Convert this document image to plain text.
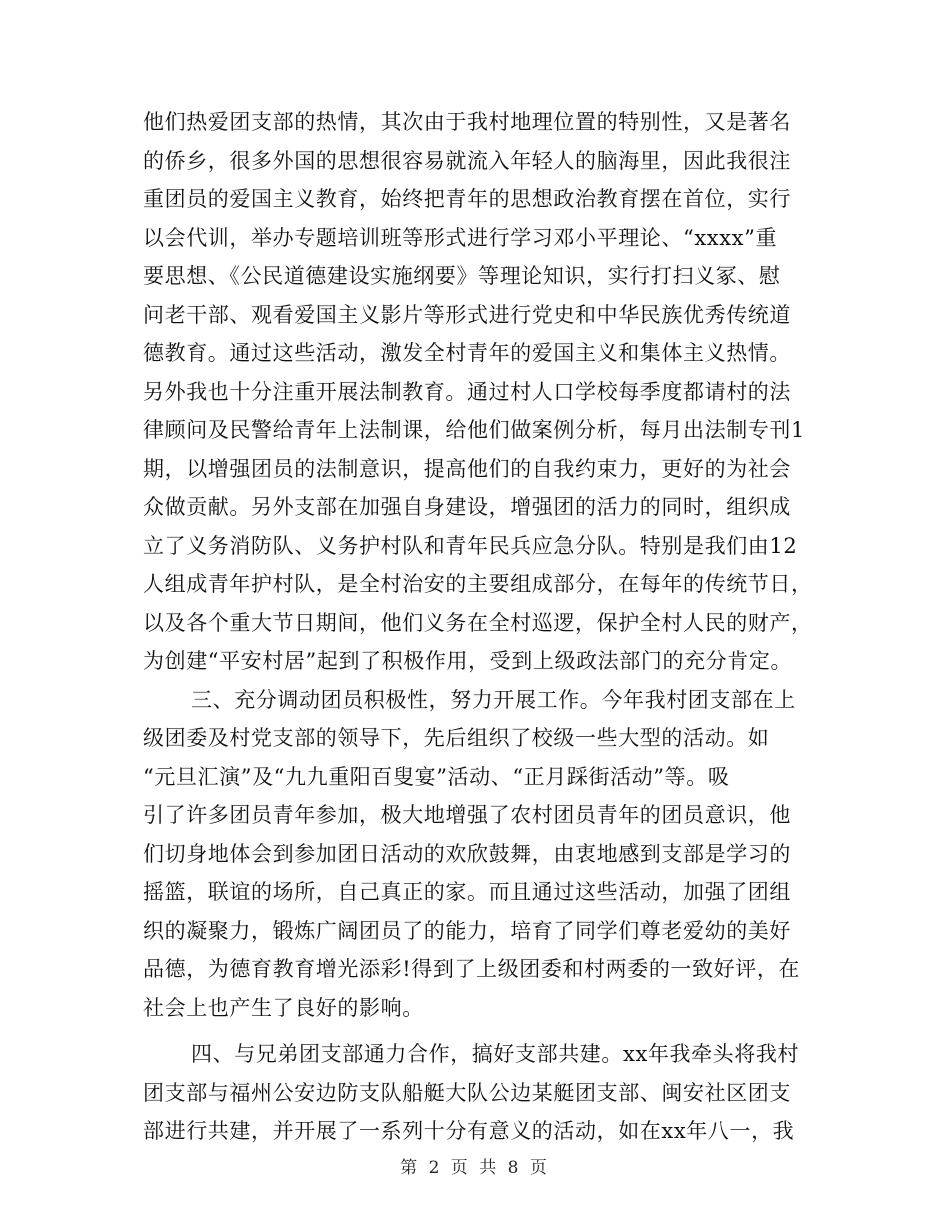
他们热爱团支部的热情，其次由于我村地理位置的特别性，又是著名
的侨乡，很多外国的思想很容易就流入年轻人的脑海里，因此我很注
重团员的爱国主义教育，始终把青年的思想政治教育摆在首位，实行
以会代训，举办专题培训班等形式进行学习邓小平理论、“xxxx”重
要思想、《公民道德建设实施纲要》等理论知识，实行打扫义冢、慰
问老干部、观看爱国主义影片等形式进行党史和中华民族优秀传统道
德教育。通过这些活动，激发全村青年的爱国主义和集体主义热情。
另外我也十分注重开展法制教育。通过村人口学校每季度都请村的法
律顾问及民警给青年上法制课，给他们做案例分析，每月出法制专刊1
期，以增强团员的法制意识，提高他们的自我约束力，更好的为社会
众做贡献。另外支部在加强自身建设，增强团的活力的同时，组织成
立了义务消防队、义务护村队和青年民兵应急分队。特别是我们由12
人组成青年护村队，是全村治安的主要组成部分，在每年的传统节日，
以及各个重大节日期间，他们义务在全村巡逻，保护全村人民的财产，
为创建“平安村居”起到了积极作用，受到上级政法部门的充分肯定。
三、充分调动团员积极性，努力开展工作。今年我村团支部在上
级团委及村党支部的领导下，先后组织了校级一些大型的活动。如
“元旦汇演”及“九九重阳百叟宴”活动、“正月踩街活动”等。吸
引了许多团员青年参加，极大地增强了农村团员青年的团员意识，他
们切身地体会到参加团日活动的欢欣鼓舞，由衷地感到支部是学习的
摇篮，联谊的场所，自己真正的家。而且通过这些活动，加强了团组
织的凝聚力，锻炼广阔团员了的能力，培育了同学们尊老爱幼的美好
品德，为德育教育增光添彩!得到了上级团委和村两委的一致好评，在
社会上也产生了良好的影响。
四、与兄弟团支部通力合作，搞好支部共建。xx年我牵头将我村
团支部与福州公安边防支队船艇大队公边某艇团支部、闽安社区团支
部进行共建，并开展了一系列十分有意义的活动，如在xx年八一，我
第 2 页 共 8 页
